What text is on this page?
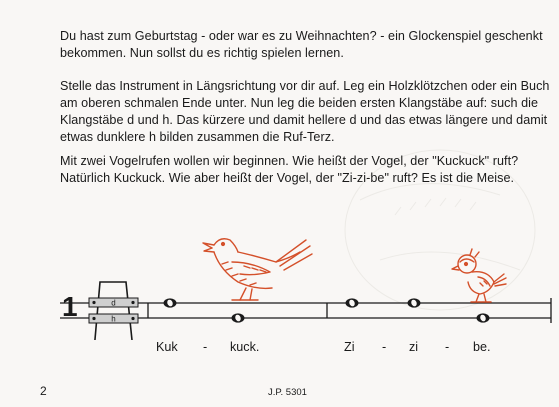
Du hast zum Geburtstag - oder war es zu Weihnachten? - ein Glockenspiel geschenkt bekommen. Nun sollst du es richtig spielen lernen.

Stelle das Instrument in Längsrichtung vor dir auf. Leg ein Holzklötzchen oder ein Buch am oberen schmalen Ende unter. Nun leg die beiden ersten Klangstäbe auf: such die Klangstäbe d und h. Das kürzere und damit hellere d und das etwas längere und damit etwas dunklere h bilden zusammen die Ruf-Terz.

Mit zwei Vogelrufen wollen wir beginnen. Wie heißt der Vogel, der "Kuckuck" ruft? Natürlich Kuckuck. Wie aber heißt der Vogel, der "Zi-zi-be" ruft? Es ist die Meise.

1	d
h
Kuk - kuck.	Zi - zi - be.
2	J.P. 5301
